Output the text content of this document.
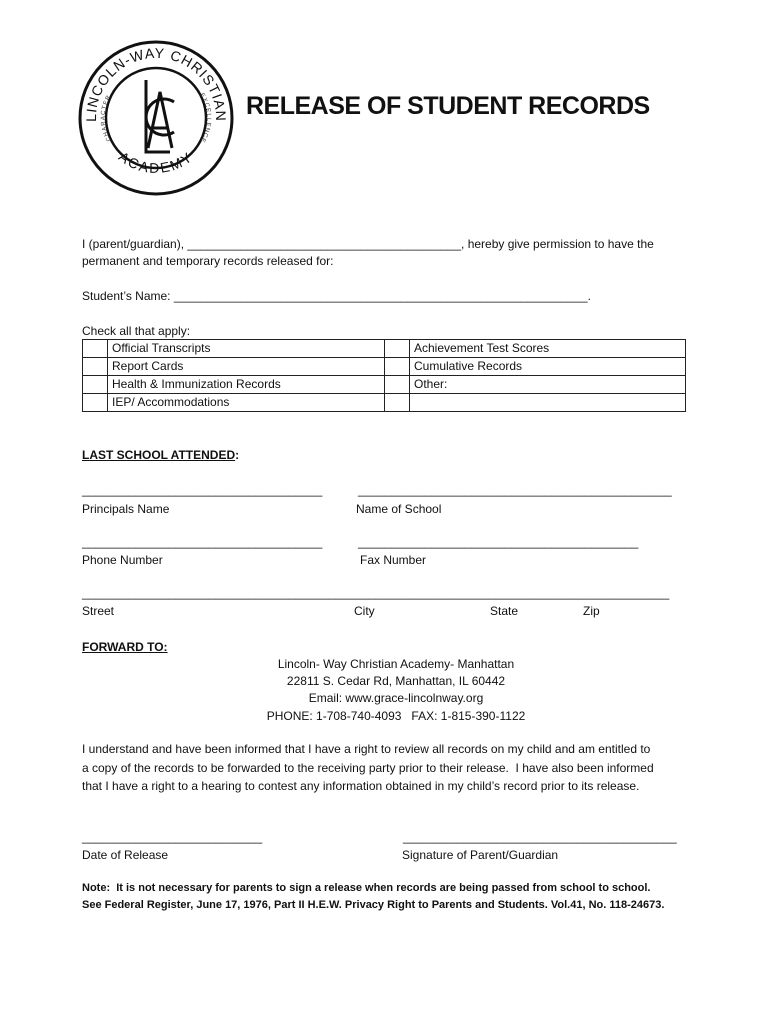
LINCOLN-WAY CHRISTIAN
ACADEMY
CHARACTER	EXCELLENCE
RELEASE OF STUDENT RECORDS
I (parent/guardian), _________________________________________, hereby give permission to have the
permanent and temporary records released for:
Student’s Name: ______________________________________________________________.
Check all that apply:
	Official Transcripts		Achievement Test Scores
	Report Cards		Cumulative Records
	Health & Immunization Records		Other:
	IEP/ Accommodations		
LAST SCHOOL ATTENDED:
____________________________________	_______________________________________________
Principals Name	Name of School
____________________________________	__________________________________________
Phone Number	Fax Number
________________________________________________________________________________________
Street	City	State	Zip
FORWARD TO:
Lincoln- Way Christian Academy- Manhattan
22811 S. Cedar Rd, Manhattan, IL 60442
Email: www.grace-lincolnway.org
PHONE: 1-708-740-4093   FAX: 1-815-390-1122
I understand and have been informed that I have a right to review all records on my child and am entitled to
a copy of the records to be forwarded to the receiving party prior to their release.  I have also been informed
that I have a right to a hearing to contest any information obtained in my child’s record prior to its release.
___________________________	_________________________________________
Date of Release	Signature of Parent/Guardian
Note:  It is not necessary for parents to sign a release when records are being passed from school to school.
See Federal Register, June 17, 1976, Part II H.E.W. Privacy Right to Parents and Students. Vol.41, No. 118-24673.
